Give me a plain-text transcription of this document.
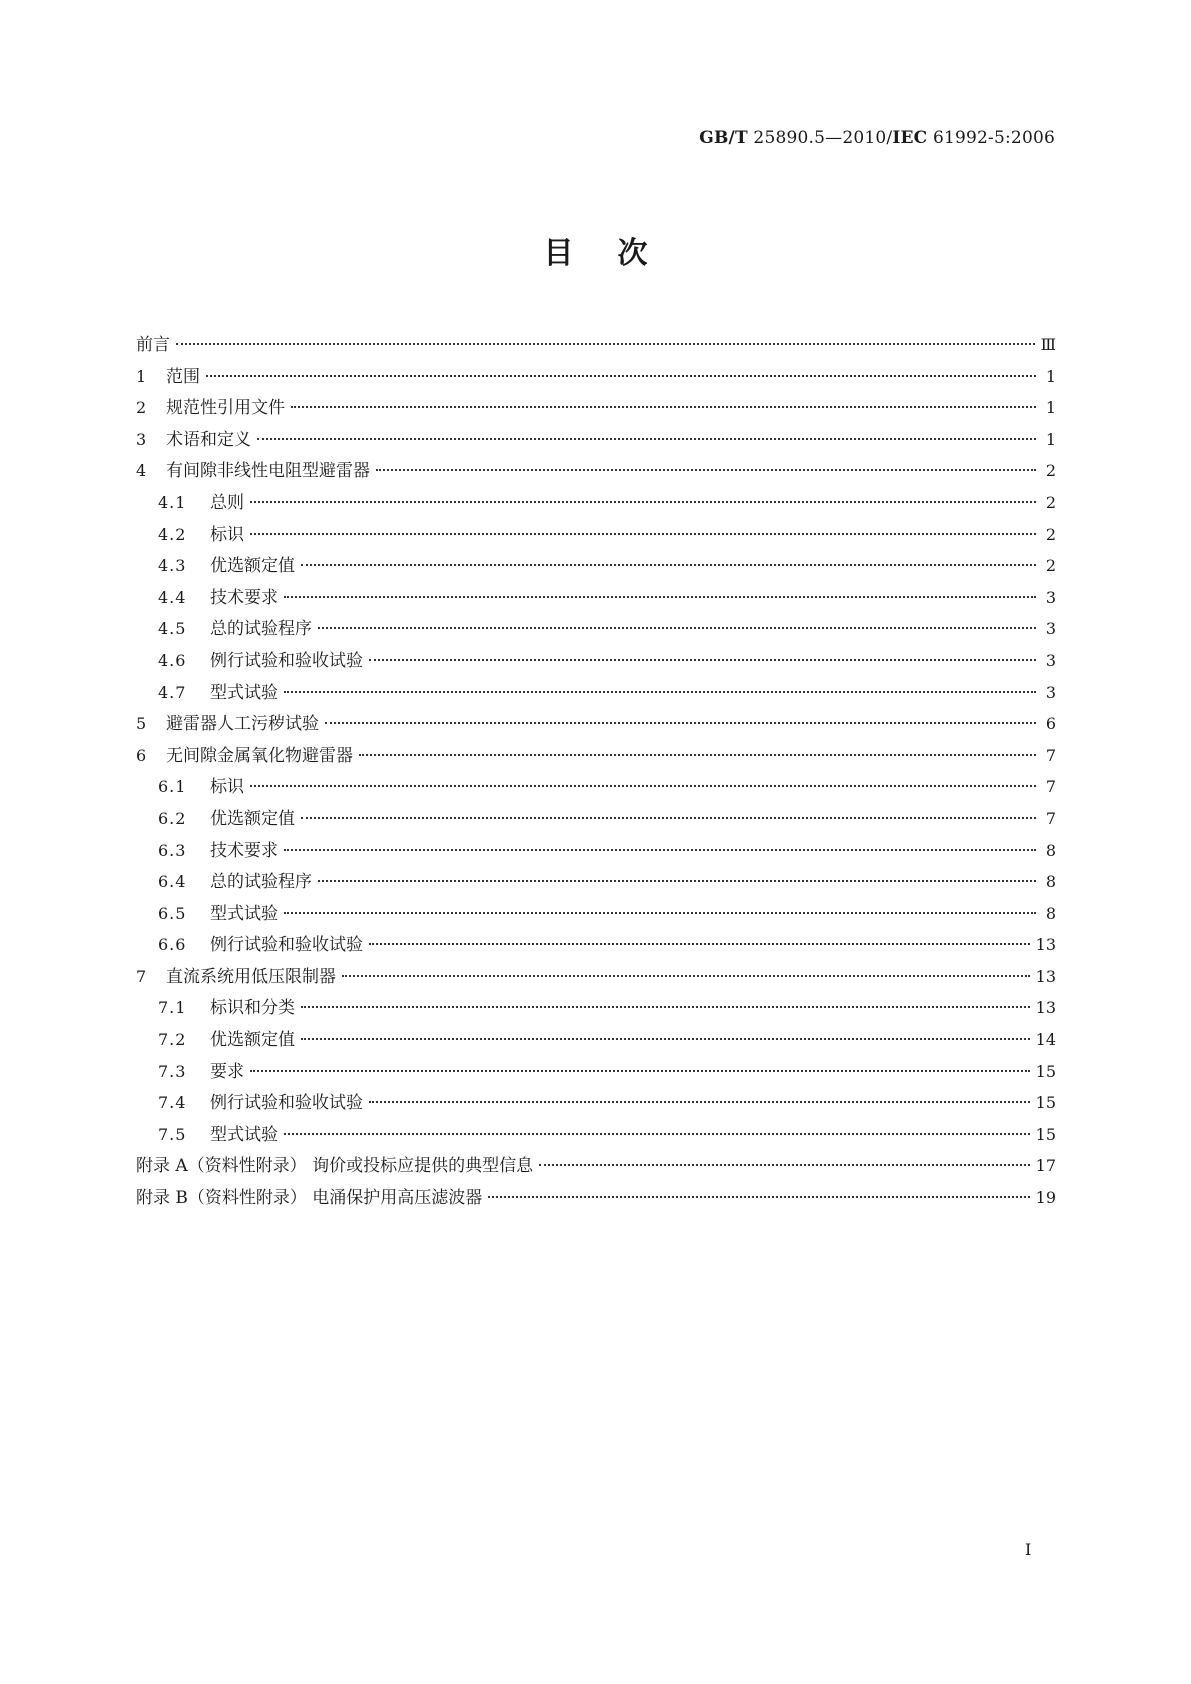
GB/T 25890.5—2010/IEC 61992-5:2006
目次
前言	Ⅲ
1	范围	1
2	规范性引用文件	1
3	术语和定义	1
4	有间隙非线性电阻型避雷器	2
4.1	总则	2
4.2	标识	2
4.3	优选额定值	2
4.4	技术要求	3
4.5	总的试验程序	3
4.6	例行试验和验收试验	3
4.7	型式试验	3
5	避雷器人工污秽试验	6
6	无间隙金属氧化物避雷器	7
6.1	标识	7
6.2	优选额定值	7
6.3	技术要求	8
6.4	总的试验程序	8
6.5	型式试验	8
6.6	例行试验和验收试验	13
7	直流系统用低压限制器	13
7.1	标识和分类	13
7.2	优选额定值	14
7.3	要求	15
7.4	例行试验和验收试验	15
7.5	型式试验	15
附录 A（资料性附录） 询价或投标应提供的典型信息	17
附录 B（资料性附录） 电涌保护用高压滤波器	19
I
